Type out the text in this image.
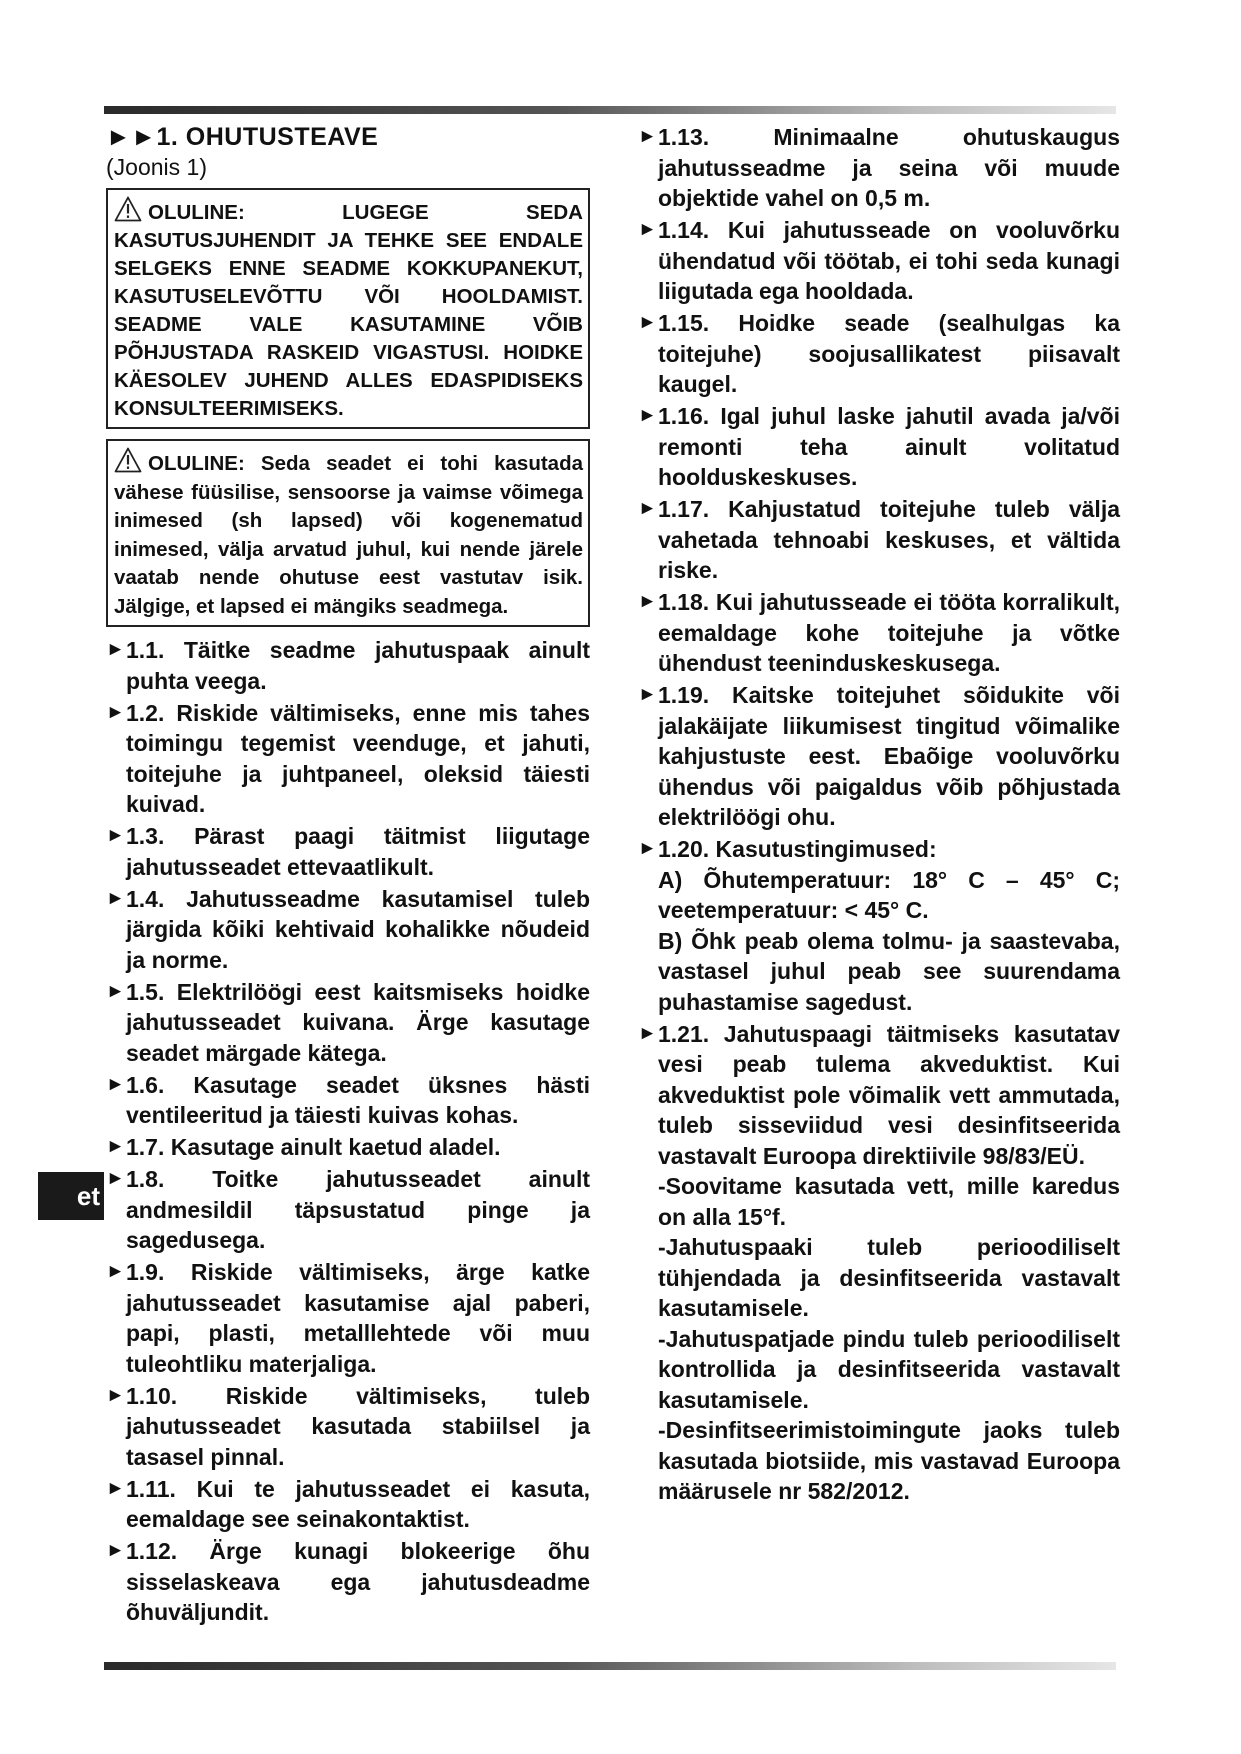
et

►►1. OHUTUSTEAVE

(Joonis 1)

OLULINE: LUGEGE SEDA KASUTUSJUHENDIT JA TEHKE SEE ENDALE SELGEKS ENNE SEADME KOKKUPANEKUT, KASUTUSELEVÕTTU VÕI HOOLDAMIST. SEADME VALE KASUTAMINE VÕIB PÕHJUSTADA RASKEID VIGASTUSI. HOIDKE KÄESOLEV JUHEND ALLES EDASPIDISEKS KONSULTEERIMISEKS.
OLULINE: Seda seadet ei tohi kasutada vähese füüsilise, sensoorse ja vaimse võimega inimesed (sh lapsed) või kogenematud inimesed, välja arvatud juhul, kui nende järele vaatab nende ohutuse eest vastutav isik. Jälgige, et lapsed ei mängiks seadmega.
► 1.1. Täitke seadme jahutuspaak ainult puhta veega.
► 1.2. Riskide vältimiseks, enne mis tahes toimingu tegemist veenduge, et jahuti, toitejuhe ja juhtpaneel, oleksid täiesti kuivad.
► 1.3. Pärast paagi täitmist liigutage jahutusseadet ettevaatlikult.
► 1.4. Jahutusseadme kasutamisel tuleb järgida kõiki kehtivaid kohalikke nõudeid ja norme.
► 1.5. Elektrilöögi eest kaitsmiseks hoidke jahutusseadet kuivana. Ärge kasutage seadet märgade kätega.
► 1.6. Kasutage seadet üksnes hästi ventileeritud ja täiesti kuivas kohas.
► 1.7. Kasutage ainult kaetud aladel.
► 1.8. Toitke jahutusseadet ainult andmesildil täpsustatud pinge ja sagedusega.
► 1.9. Riskide vältimiseks, ärge katke jahutusseadet kasutamise ajal paberi, papi, plasti, metalllehtede või muu tuleohtliku materjaliga.
► 1.10. Riskide vältimiseks, tuleb jahutusseadet kasutada stabiilsel ja tasasel pinnal.
► 1.11. Kui te jahutusseadet ei kasuta, eemaldage see seinakontaktist.
► 1.12. Ärge kunagi blokeerige õhu sisselaskeava ega jahutusdeadme õhuväljundit.
► 1.13. Minimaalne ohutuskaugus jahutusseadme ja seina või muude objektide vahel on 0,5 m.
► 1.14. Kui jahutusseade on vooluvõrku ühendatud või töötab, ei tohi seda kunagi liigutada ega hooldada.
► 1.15. Hoidke seade (sealhulgas ka toitejuhe) soojusallikatest piisavalt kaugel.
► 1.16. Igal juhul laske jahutil avada ja/või remonti teha ainult volitatud hoolduskeskuses.
► 1.17. Kahjustatud toitejuhe tuleb välja vahetada tehnoabi keskuses, et vältida riske.
► 1.18. Kui jahutusseade ei tööta korralikult, eemaldage kohe toitejuhe ja võtke ühendust teeninduskeskusega.
► 1.19. Kaitske toitejuhet sõidukite või jalakäijate liikumisest tingitud võimalike kahjustuste eest. Ebaõige vooluvõrku ühendus või paigaldus võib põhjustada elektrilöögi ohu.
► 1.20. Kasutustingimused:
A) Õhutemperatuur: 18° C – 45° C; veetemperatuur: < 45° C.
B) Õhk peab olema tolmu- ja saastevaba, vastasel juhul peab see suurendama puhastamise sagedust.
► 1.21. Jahutuspaagi täitmiseks kasutatav vesi peab tulema akveduktist. Kui akveduktist pole võimalik vett ammutada, tuleb sisseviidud vesi desinfitseerida vastavalt Euroopa direktiivile 98/83/EÜ.
-Soovitame kasutada vett, mille karedus on alla 15°f.
-Jahutuspaaki tuleb perioodiliselt tühjendada ja desinfitseerida vastavalt kasutamisele.
-Jahutuspatjade pindu tuleb perioodiliselt kontrollida ja desinfitseerida vastavalt kasutamisele.
-Desinfitseerimistoimingute jaoks tuleb kasutada biotsiide, mis vastavad Euroopa määrusele nr 582/2012.
